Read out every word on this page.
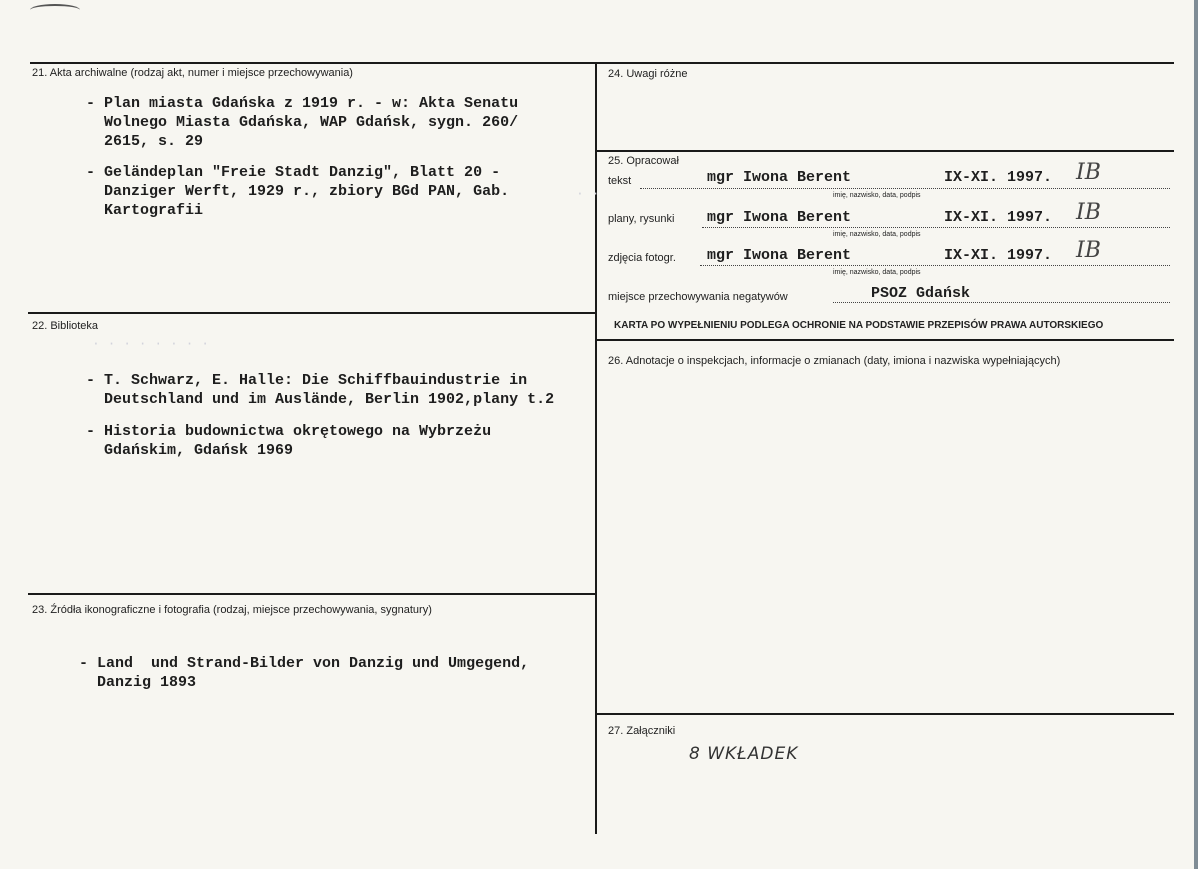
21. Akta archiwalne (rodzaj akt, numer i miejsce przechowywania)
- Plan miasta Gdańska z 1919 r. - w: Akta Senatu
Wolnego Miasta Gdańska, WAP Gdańsk, sygn. 260/
2615, s. 29
- Geländeplan "Freie Stadt Danzig", Blatt 20 -
Danziger Werft, 1929 r., zbiory BGd PAN, Gab.
Kartografii
· ·
22. Biblioteka
· · · · · · · ·
- T. Schwarz, E. Halle: Die Schiffbauindustrie in
Deutschland und im Auslände, Berlin 1902,plany t.2
- Historia budownictwa okrętowego na Wybrzeżu
Gdańskim, Gdańsk 1969
23. Źródła ikonograficzne i fotografia (rodzaj, miejsce przechowywania, sygnatury)
- Land  und Strand-Bilder von Danzig und Umgegend,
Danzig 1893
24. Uwagi różne
25. Opracował
tekst	mgr Iwona Berent	IX-XI. 1997. IB
imię, nazwisko, data, podpis
plany, rysunki mgr Iwona Berent	IX-XI. 1997. IB
imię, nazwisko, data, podpis
zdjęcia fotogr. mgr Iwona Berent	IX-XI. 1997. IB
imię, nazwisko, data, podpis
miejsce przechowywania negatywów	PSOZ Gdańsk
KARTA PO WYPEŁNIENIU PODLEGA OCHRONIE NA PODSTAWIE PRZEPISÓW PRAWA AUTORSKIEGO
26. Adnotacje o inspekcjach, informacje o zmianach (daty, imiona i nazwiska wypełniających)
27. Załączniki
8 WKŁADEK
